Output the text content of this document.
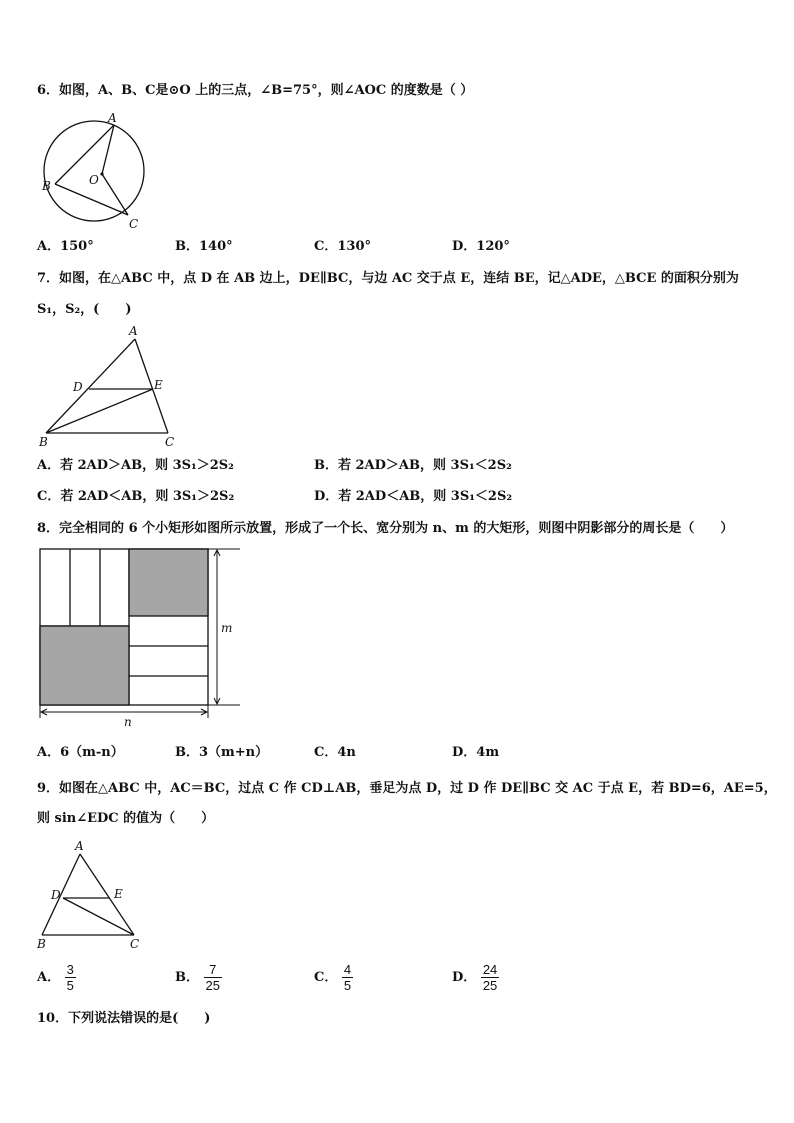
6．如图，A、B、C是⊙O 上的三点，∠B=75°，则∠AOC 的度数是（ ）
A
B
C
O
A．150°	B．140°	C．130°	D．120°
7．如图，在△ABC 中，点 D 在 AB 边上，DE∥BC，与边 AC 交于点 E，连结 BE，记△ADE，△BCE 的面积分别为
S₁，S₂，(　　)
A
B	C
D	E
A．若 2AD＞AB，则 3S₁＞2S₂	B．若 2AD＞AB，则 3S₁＜2S₂
C．若 2AD＜AB，则 3S₁＞2S₂	D．若 2AD＜AB，则 3S₁＜2S₂
8．完全相同的 6 个小矩形如图所示放置，形成了一个长、宽分别为 n、m 的大矩形，则图中阴影部分的周长是（　　）
m
n
A．6（m-n）	B．3（m+n）	C．4n	D．4m
9．如图在△ABC 中，AC＝BC，过点 C 作 CD⊥AB，垂足为点 D，过 D 作 DE∥BC 交 AC 于点 E，若 BD=6，AE=5，
则 sin∠EDC 的值为（　　）
A
B	C
D	E
A． $\frac{3}{5}$	B． $\frac{7}{25}$	C． $\frac{4}{5}$	D． $\frac{24}{25}$
10．下列说法错误的是(　　)
